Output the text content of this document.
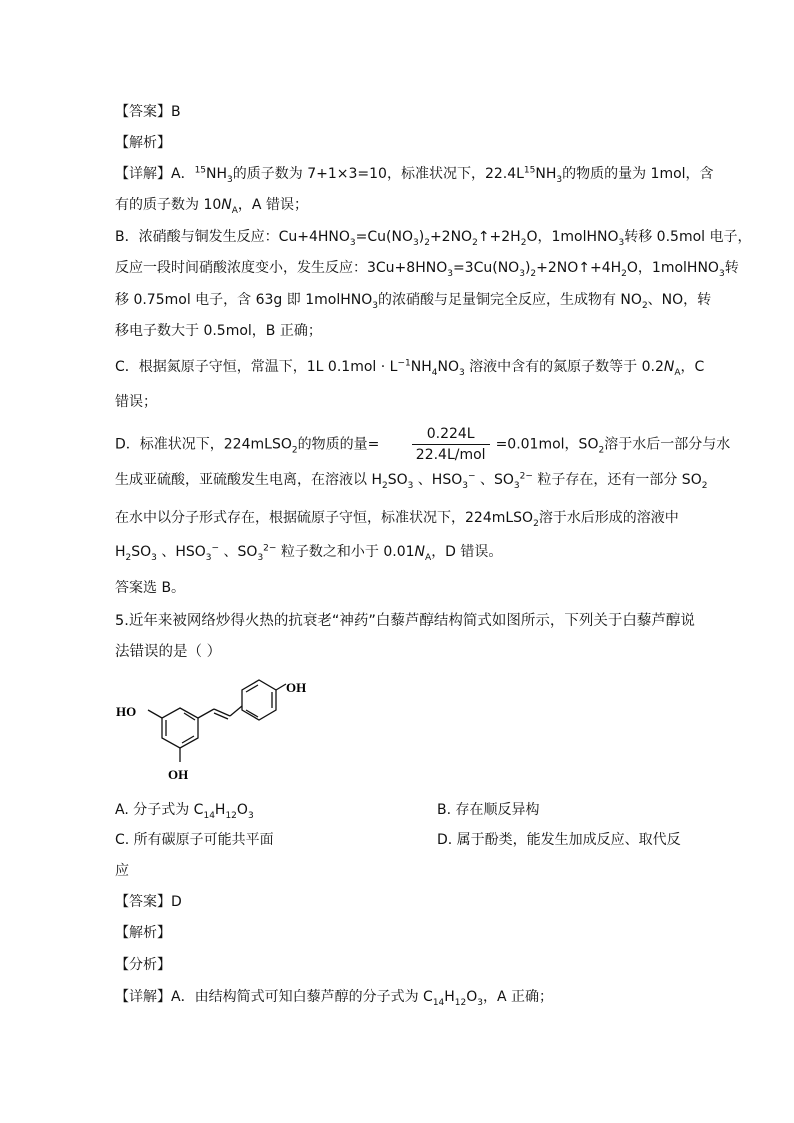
【答案】B
【解析】
【详解】A．$^{15}NH_3$的质子数为 7+1×3=10，标准状况下，$22.4L^{15}NH_3$的物质的量为 1mol，含
有的质子数为 $10N_A$，A 错误；
B．浓硝酸与铜发生反应：$Cu+4HNO_3=Cu(NO_3)_2+2NO_2↑+2H_2O$，1molHNO$_3$转移 0.5mol 电子，
反应一段时间硝酸浓度变小，发生反应：$3Cu+8HNO_3=3Cu(NO_3)_2+2NO↑+4H_2O$，1molHNO$_3$转
移 0.75mol 电子，含 63g 即 1molHNO$_3$的浓硝酸与足量铜完全反应，生成物有 $NO_2$、NO，转
移电子数大于 0.5mol，B 正确；
C．根据氮原子守恒，常温下，1L $0.1mol \cdot L^{-1}NH_4NO_3$ 溶液中含有的氮原子数等于 $0.2N_A$，C
错误；
D．标准状况下，224mLSO$_2$的物质的量= $\frac{0.224L}{\text{22.4L/mol}} =0.01mol$，$SO_2$溶于水后一部分与水
生成亚硫酸，亚硫酸发生电离，在溶液以 $H_2SO_3$ 、$HSO_3^-$ 、$SO_3^{2-}$ 粒子存在，还有一部分 $SO_2$
在水中以分子形式存在，根据硫原子守恒，标准状况下，224mLSO$_2$溶于水后形成的溶液中
$H_2SO_3$ 、$HSO_3^-$ 、$SO_3^{2-}$ 粒子数之和小于 $0.01N_A$，D 错误。
答案选 B。
5.近年来被网络炒得火热的抗衰老“神药”白藜芦醇结构简式如图所示，下列关于白藜芦醇说
法错误的是（ ）
OH
HO
OH
A. 分子式为 $C_{14}H_{12}O_3$	B. 存在顺反异构
C. 所有碳原子可能共平面	D. 属于酚类，能发生加成反应、取代反
应
【答案】D
【解析】
【分析】
【详解】A．由结构简式可知白藜芦醇的分子式为 $C_{14}H_{12}O_3$，A 正确；
